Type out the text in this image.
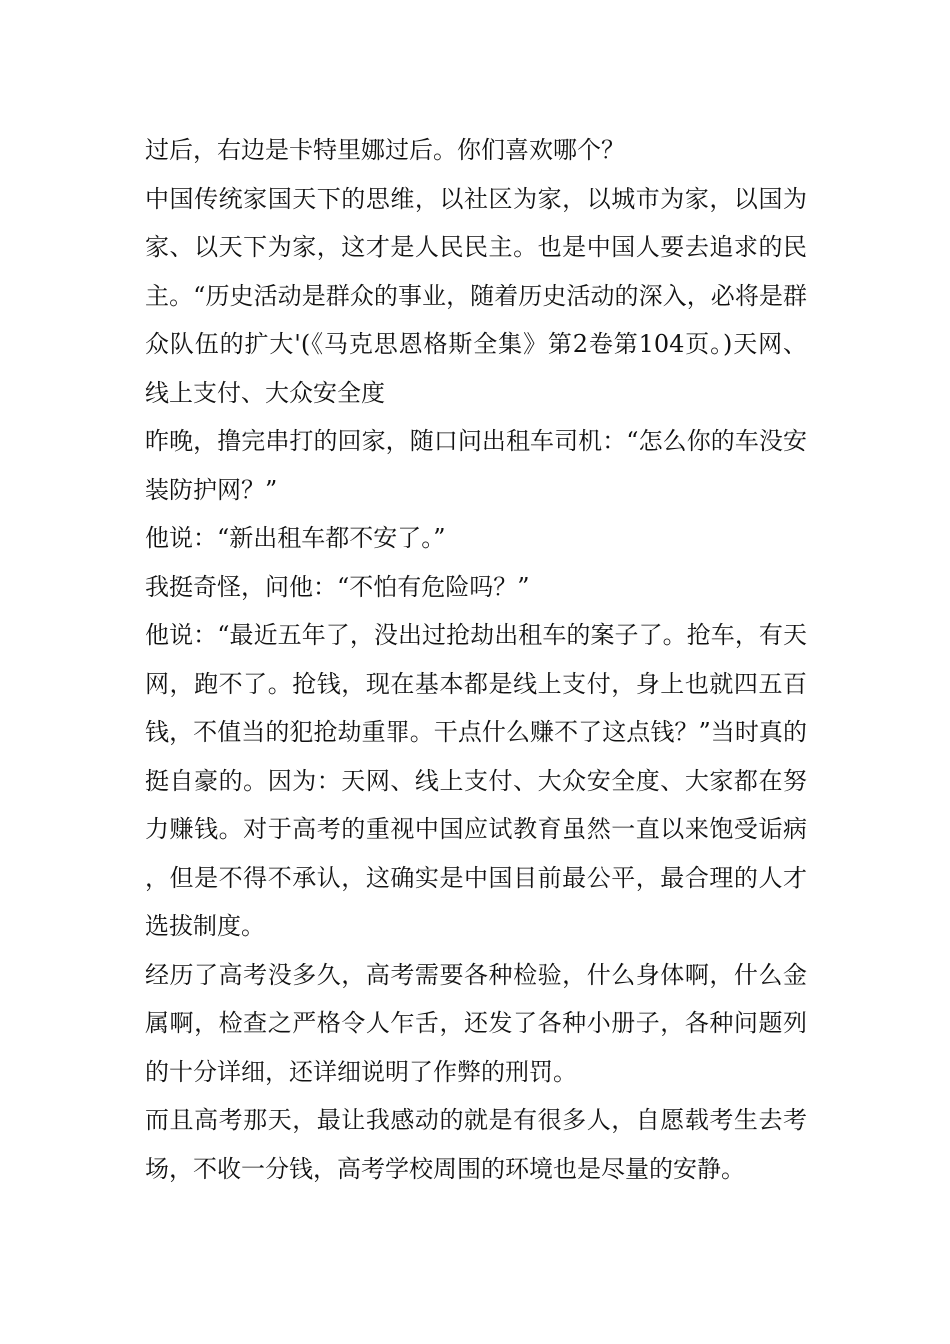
过后，右边是卡特里娜过后。你们喜欢哪个？

中国传统家国天下的思维，以社区为家，以城市为家，以国为家、以天下为家，这才是人民民主。也是中国人要去追求的民主。“历史活动是群众的事业，随着历史活动的深入，必将是群众队伍的扩大'(《马克思恩格斯全集》第2卷第104页。)天网、线上支付、大众安全度

昨晚，撸完串打的回家，随口问出租车司机：“怎么你的车没安装防护网？”

他说：“新出租车都不安了。”

我挺奇怪，问他：“不怕有危险吗？”

他说：“最近五年了，没出过抢劫出租车的案子了。抢车，有天网，跑不了。抢钱，现在基本都是线上支付，身上也就四五百钱，不值当的犯抢劫重罪。干点什么赚不了这点钱？”当时真的挺自豪的。因为：天网、线上支付、大众安全度、大家都在努力赚钱。对于高考的重视中国应试教育虽然一直以来饱受诟病，但是不得不承认，这确实是中国目前最公平，最合理的人才选拔制度。

经历了高考没多久，高考需要各种检验，什么身体啊，什么金属啊，检查之严格令人乍舌，还发了各种小册子，各种问题列的十分详细，还详细说明了作弊的刑罚。

而且高考那天，最让我感动的就是有很多人，自愿载考生去考场，不收一分钱，高考学校周围的环境也是尽量的安静。
